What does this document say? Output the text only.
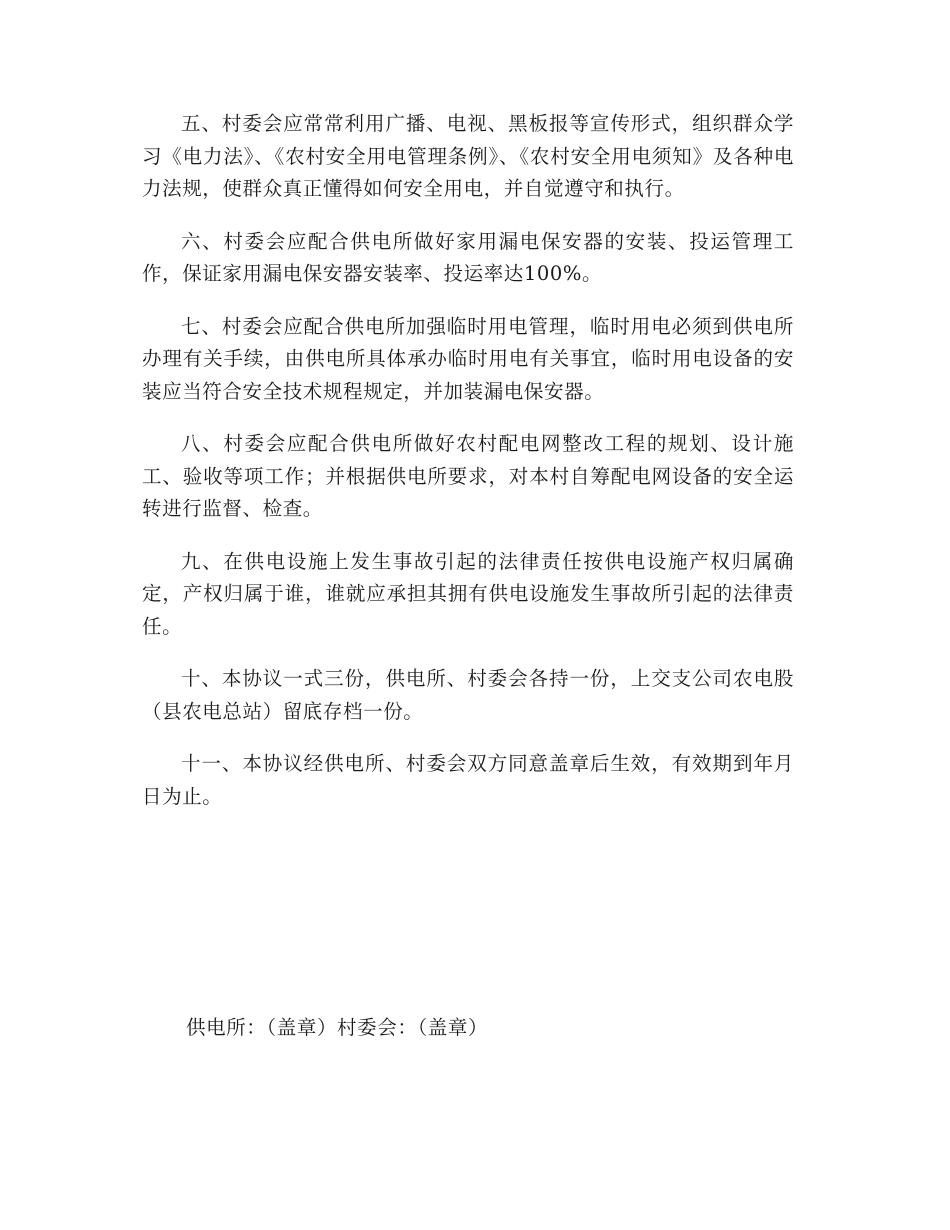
五、村委会应常常利用广播、电视、黑板报等宣传形式，组织群众学习《电力法》、《农村安全用电管理条例》、《农村安全用电须知》及各种电力法规，使群众真正懂得如何安全用电，并自觉遵守和执行。

六、村委会应配合供电所做好家用漏电保安器的安装、投运管理工作，保证家用漏电保安器安装率、投运率达100%。

七、村委会应配合供电所加强临时用电管理，临时用电必须到供电所办理有关手续，由供电所具体承办临时用电有关事宜，临时用电设备的安装应当符合安全技术规程规定，并加装漏电保安器。

八、村委会应配合供电所做好农村配电网整改工程的规划、设计施工、验收等项工作；并根据供电所要求，对本村自筹配电网设备的安全运转进行监督、检查。

九、在供电设施上发生事故引起的法律责任按供电设施产权归属确定，产权归属于谁，谁就应承担其拥有供电设施发生事故所引起的法律责任。

十、本协议一式三份，供电所、村委会各持一份，上交支公司农电股（县农电总站）留底存档一份。

十一、本协议经供电所、村委会双方同意盖章后生效，有效期到年月日为止。

供电所：（盖章）村委会：（盖章）
